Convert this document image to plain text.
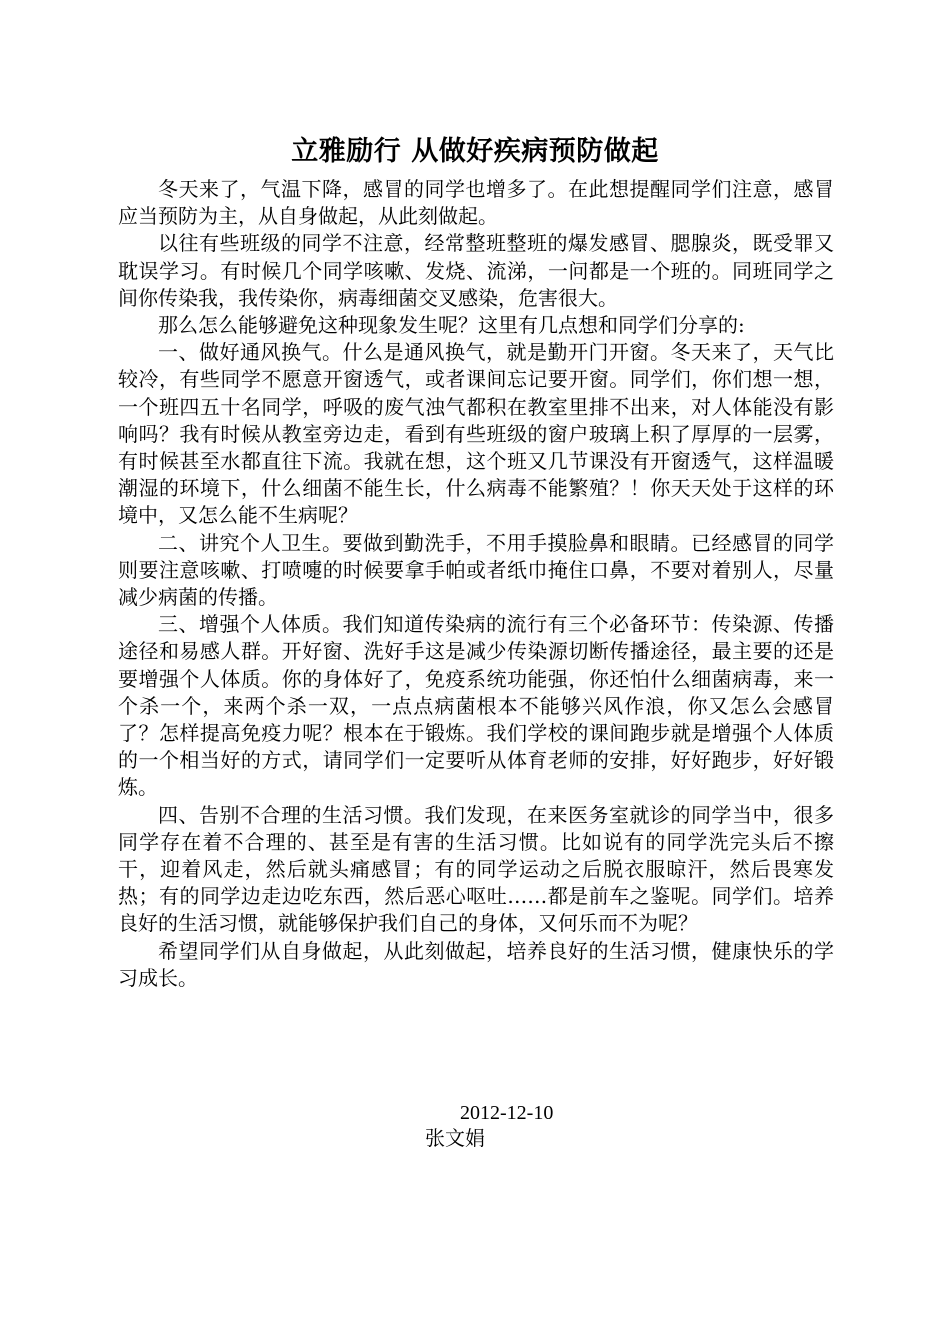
立雅励行 从做好疾病预防做起

冬天来了，气温下降，感冒的同学也增多了。在此想提醒同学们注意，感冒应当预防为主，从自身做起，从此刻做起。

以往有些班级的同学不注意，经常整班整班的爆发感冒、腮腺炎，既受罪又耽误学习。有时候几个同学咳嗽、发烧、流涕，一问都是一个班的。同班同学之间你传染我，我传染你，病毒细菌交叉感染，危害很大。

那么怎么能够避免这种现象发生呢？这里有几点想和同学们分享的:

一、做好通风换气。什么是通风换气，就是勤开门开窗。冬天来了，天气比较冷，有些同学不愿意开窗透气，或者课间忘记要开窗。同学们，你们想一想，一个班四五十名同学，呼吸的废气浊气都积在教室里排不出来，对人体能没有影响吗？我有时候从教室旁边走，看到有些班级的窗户玻璃上积了厚厚的一层雾，有时候甚至水都直往下流。我就在想，这个班又几节课没有开窗透气，这样温暖潮湿的环境下，什么细菌不能生长，什么病毒不能繁殖？！你天天处于这样的环境中，又怎么能不生病呢？

二、讲究个人卫生。要做到勤洗手，不用手摸脸鼻和眼睛。已经感冒的同学则要注意咳嗽、打喷嚏的时候要拿手帕或者纸巾掩住口鼻，不要对着别人，尽量减少病菌的传播。

三、增强个人体质。我们知道传染病的流行有三个必备环节：传染源、传播途径和易感人群。开好窗、洗好手这是减少传染源切断传播途径，最主要的还是要增强个人体质。你的身体好了，免疫系统功能强，你还怕什么细菌病毒，来一个杀一个，来两个杀一双，一点点病菌根本不能够兴风作浪，你又怎么会感冒了？怎样提高免疫力呢？根本在于锻炼。我们学校的课间跑步就是增强个人体质的一个相当好的方式，请同学们一定要听从体育老师的安排，好好跑步，好好锻炼。

四、告别不合理的生活习惯。我们发现，在来医务室就诊的同学当中，很多同学存在着不合理的、甚至是有害的生活习惯。比如说有的同学洗完头后不擦干，迎着风走，然后就头痛感冒；有的同学运动之后脱衣服晾汗，然后畏寒发热；有的同学边走边吃东西，然后恶心呕吐……都是前车之鉴呢。同学们。培养良好的生活习惯，就能够保护我们自己的身体，又何乐而不为呢？

希望同学们从自身做起，从此刻做起，培养良好的生活习惯，健康快乐的学习成长。

2012-12-10
张文娟
